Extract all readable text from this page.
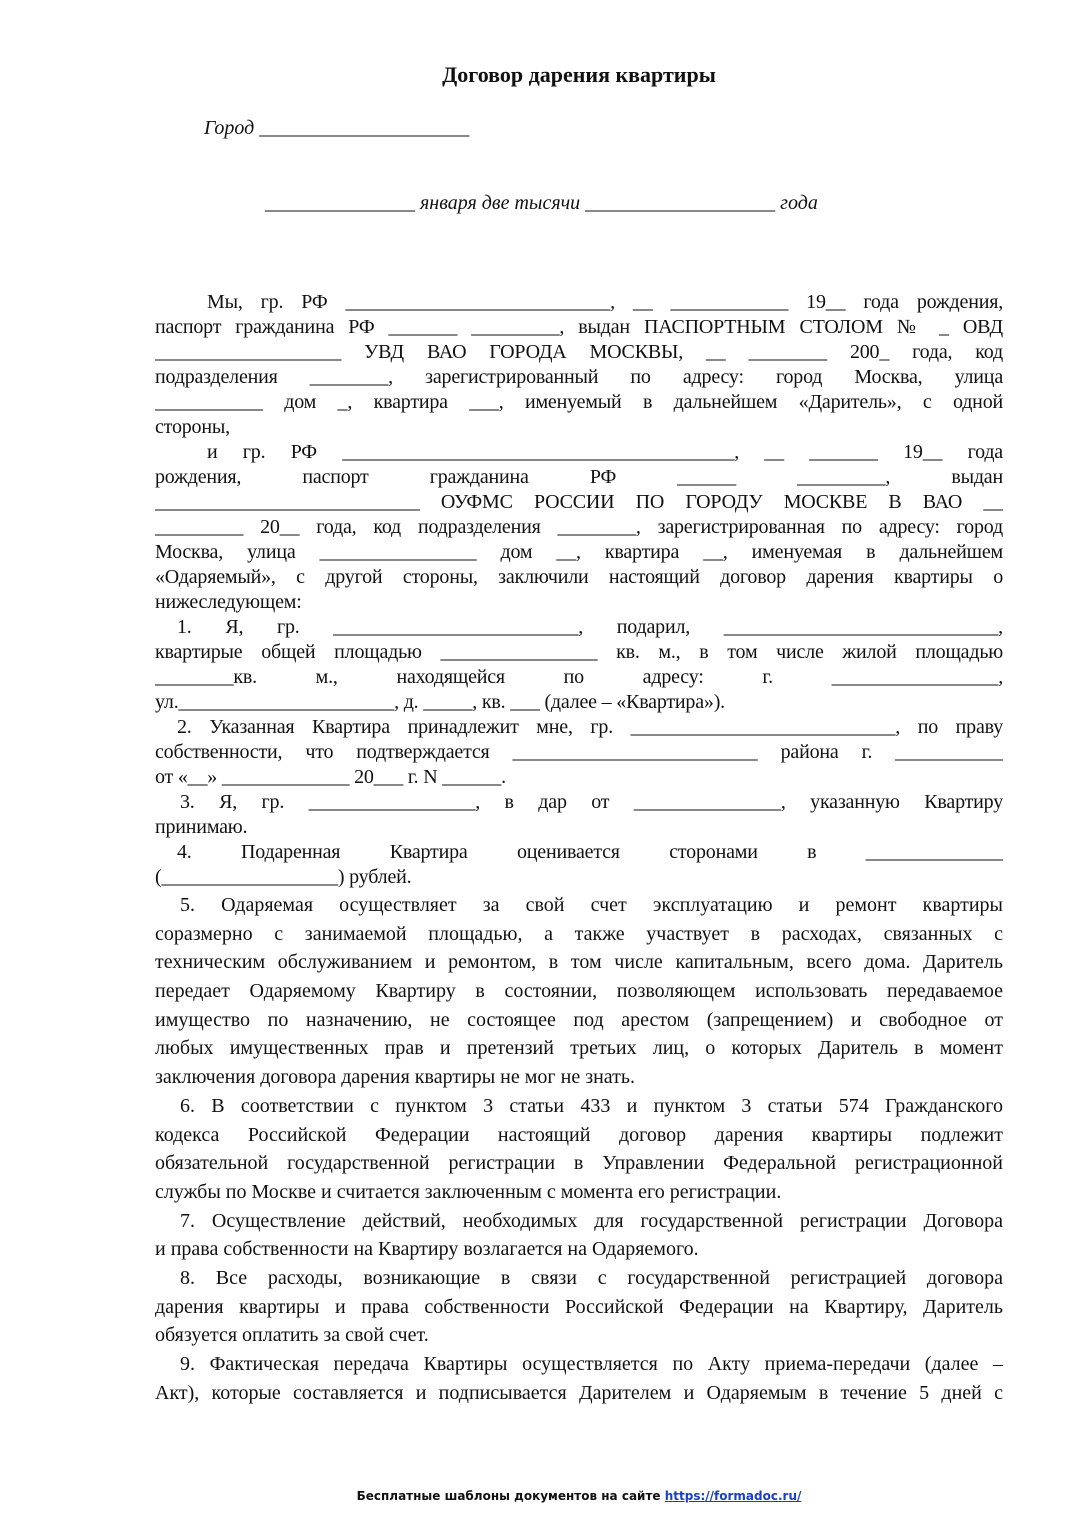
Договор дарения квартиры
Город _____________________
_______________ января две тысячи ___________________ года
Мы, гр. РФ ___________________________, __ ____________ 19__ года рождения,
паспорт гражданина РФ _______ _________, выдан ПАСПОРТНЫМ СТОЛОМ № _ ОВД
___________________ УВД ВАО ГОРОДА МОСКВЫ, __ ________ 200_ года, код
подразделения ________, зарегистрированный по адресу: город Москва, улица
___________ дом _, квартира ___, именуемый в дальнейшем «Даритель», с одной
стороны,
и гр. РФ ________________________________________, __ _______ 19__ года
рождения, паспорт гражданина РФ ______ _________, выдан
___________________________ ОУФМС РОССИИ ПО ГОРОДУ МОСКВЕ В ВАО __
_________ 20__ года, код подразделения ________, зарегистрированная по адресу: город
Москва, улица ________________ дом __, квартира __, именуемая в дальнейшем
«Одаряемый», с другой стороны, заключили настоящий договор дарения квартиры о
нижеследующем:
1. Я, гр. _________________________, подарил, ____________________________,
квартирые общей площадью ________________ кв. м., в том числе жилой площадью
________кв. м., находящейся по адресу: г. _________________,
ул.______________________, д. _____, кв. ___ (далее – «Квартира»).
2. Указанная Квартира принадлежит мне, гр. ___________________________, по праву
собственности, что подтверждается _________________________ района г. ___________
от «__» _____________ 20___ г. N ______.
3. Я, гр. _________________, в дар от _______________, указанную Квартиру
принимаю.
4. Подаренная Квартира оценивается сторонами в ______________
(__________________) рублей.
5. Одаряемая осуществляет за свой счет эксплуатацию и ремонт квартиры
соразмерно с занимаемой площадью, а также участвует в расходах, связанных с
техническим обслуживанием и ремонтом, в том числе капитальным, всего дома. Даритель
передает Одаряемому Квартиру в состоянии, позволяющем использовать передаваемое
имущество по назначению, не состоящее под арестом (запрещением) и свободное от
любых имущественных прав и претензий третьих лиц, о которых Даритель в момент
заключения договора дарения квартиры не мог не знать.
6. В соответствии с пунктом 3 статьи 433 и пунктом 3 статьи 574 Гражданского
кодекса Российской Федерации настоящий договор дарения квартиры подлежит
обязательной государственной регистрации в Управлении Федеральной регистрационной
службы по Москве и считается заключенным с момента его регистрации.
7. Осуществление действий, необходимых для государственной регистрации Договора
и права собственности на Квартиру возлагается на Одаряемого.
8. Все расходы, возникающие в связи с государственной регистрацией договора
дарения квартиры и права собственности Российской Федерации на Квартиру, Даритель
обязуется оплатить за свой счет.
9. Фактическая передача Квартиры осуществляется по Акту приема-передачи (далее –
Акт), которые составляется и подписывается Дарителем и Одаряемым в течение 5 дней с
Бесплатные шаблоны документов на сайте https://formadoc.ru/
